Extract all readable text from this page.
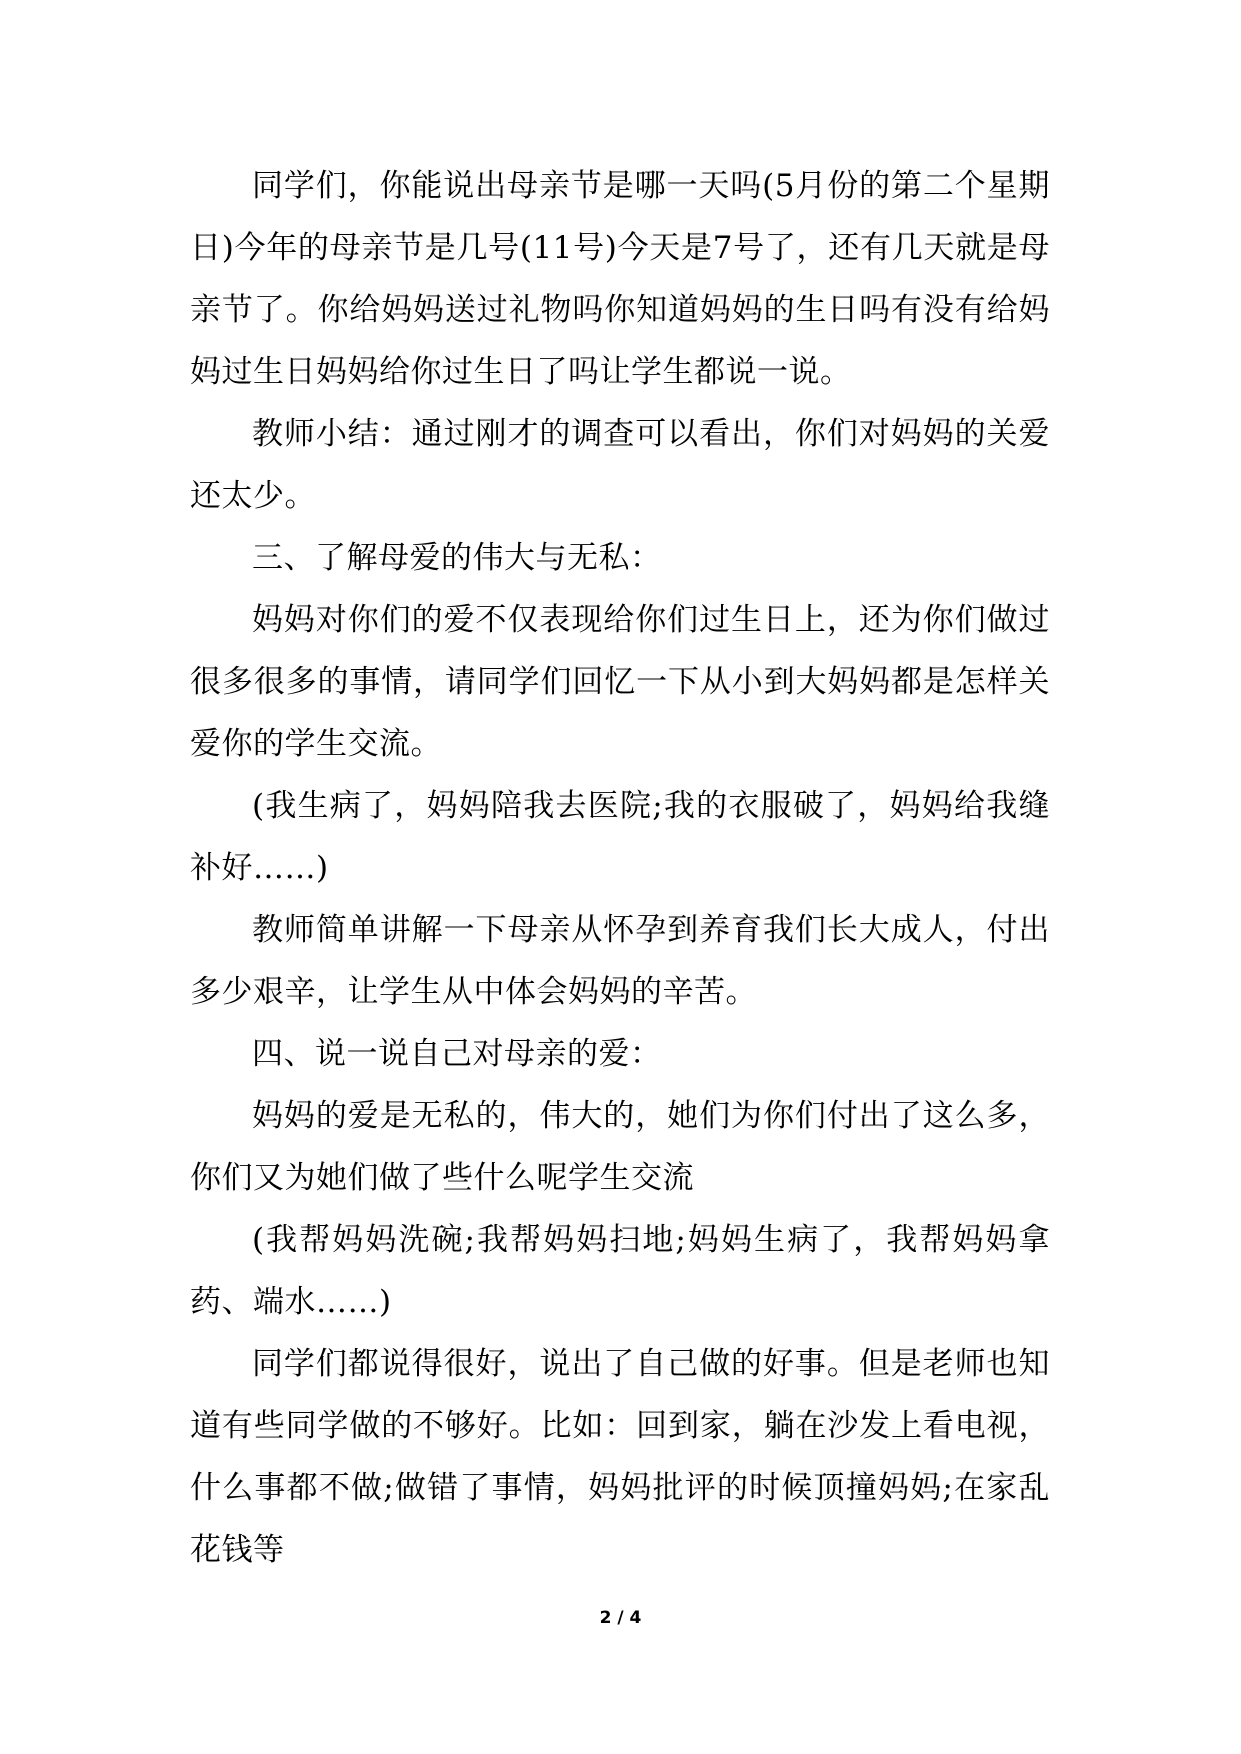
同学们，你能说出母亲节是哪一天吗(5月份的第二个星期日)今年的母亲节是几号(11号)今天是7号了，还有几天就是母亲节了。你给妈妈送过礼物吗你知道妈妈的生日吗有没有给妈妈过生日妈妈给你过生日了吗让学生都说一说。

教师小结：通过刚才的调查可以看出，你们对妈妈的关爱还太少。

三、了解母爱的伟大与无私：

妈妈对你们的爱不仅表现给你们过生日上，还为你们做过很多很多的事情，请同学们回忆一下从小到大妈妈都是怎样关爱你的学生交流。

(我生病了，妈妈陪我去医院;我的衣服破了，妈妈给我缝补好……)

教师简单讲解一下母亲从怀孕到养育我们长大成人，付出多少艰辛，让学生从中体会妈妈的辛苦。

四、说一说自己对母亲的爱：

妈妈的爱是无私的，伟大的，她们为你们付出了这么多，你们又为她们做了些什么呢学生交流

(我帮妈妈洗碗;我帮妈妈扫地;妈妈生病了，我帮妈妈拿药、端水……)

同学们都说得很好，说出了自己做的好事。但是老师也知道有些同学做的不够好。比如：回到家，躺在沙发上看电视，什么事都不做;做错了事情，妈妈批评的时候顶撞妈妈;在家乱花钱等

2 / 4
